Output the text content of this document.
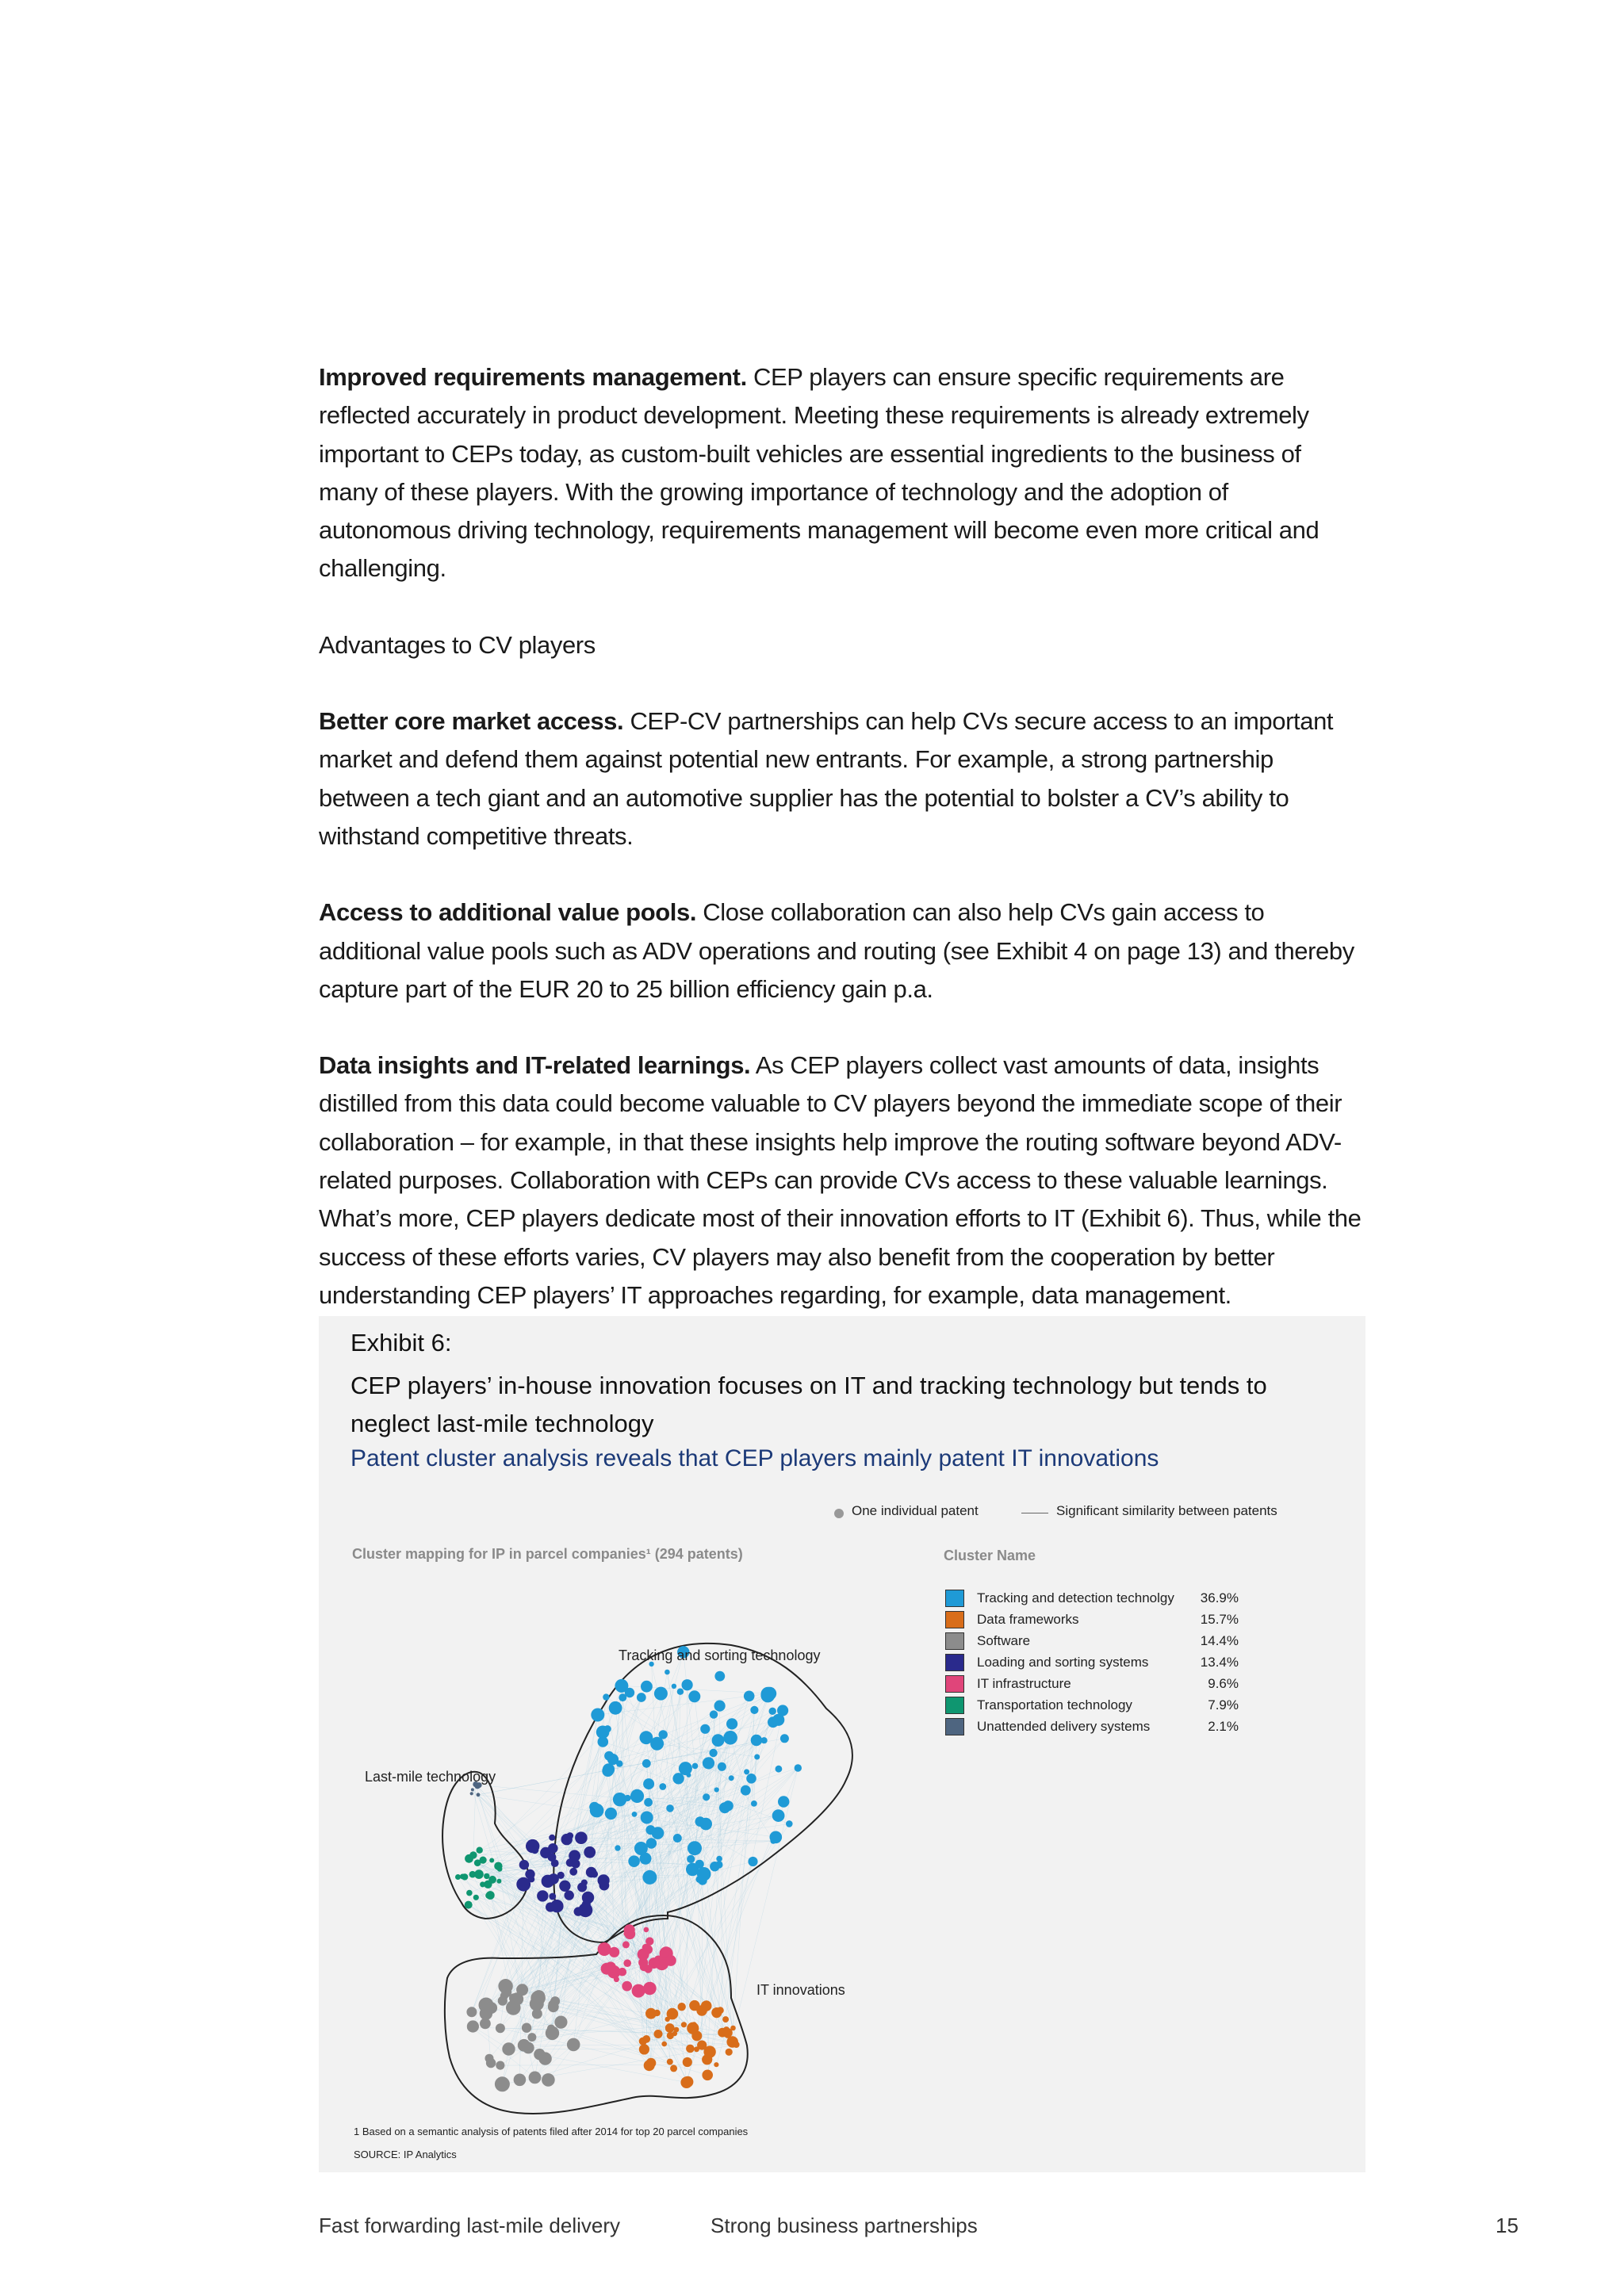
Improved requirements management. CEP players can ensure specific requirements are reflected accurately in product development. Meeting these requirements is already extremely important to CEPs today, as custom-built vehicles are essential ingredients to the business of many of these players. With the growing importance of technology and the adoption of autonomous driving technology, requirements management will become even more critical and challenging.

Advantages to CV players

Better core market access. CEP-CV partnerships can help CVs secure access to an important market and defend them against potential new entrants. For example, a strong partnership between a tech giant and an automotive supplier has the potential to bolster a CV’s ability to withstand competitive threats.

Access to additional value pools. Close collaboration can also help CVs gain access to additional value pools such as ADV operations and routing (see Exhibit 4 on page 13) and thereby capture part of the EUR 20 to 25 billion efficiency gain p.a.

Data insights and IT-related learnings. As CEP players collect vast amounts of data, insights distilled from this data could become valuable to CV players beyond the immediate scope of their collaboration – for example, in that these insights help improve the routing software beyond ADV-related purposes. Collaboration with CEPs can provide CVs access to these valuable learnings. What’s more, CEP players dedicate most of their innovation efforts to IT (Exhibit 6). Thus, while the success of these efforts varies, CV players may also benefit from the cooperation by better understanding CEP players’ IT approaches regarding, for example, data management.

Exhibit 6:
CEP players’ in-house innovation focuses on IT and tracking technology but tends to neglect last-mile technology
Patent cluster analysis reveals that CEP players mainly patent IT innovations
One individual patent	Significant similarity between patents
Cluster mapping for IP in parcel companies¹ (294 patents)	Cluster Name
Tracking and detection technolgy 36.9%
Data frameworks	15.7%
Software	14.4%
Loading and sorting systems	13.4%
IT infrastructure	9.6%
Transportation technology	7.9%
Unattended delivery systems	2.1%
Tracking and sorting technology
Last-mile technology
IT innovations
1 Based on a semantic analysis of patents filed after 2014 for top 20 parcel companies
SOURCE: IP Analytics
Fast forwarding last-mile delivery	Strong business partnerships	15
